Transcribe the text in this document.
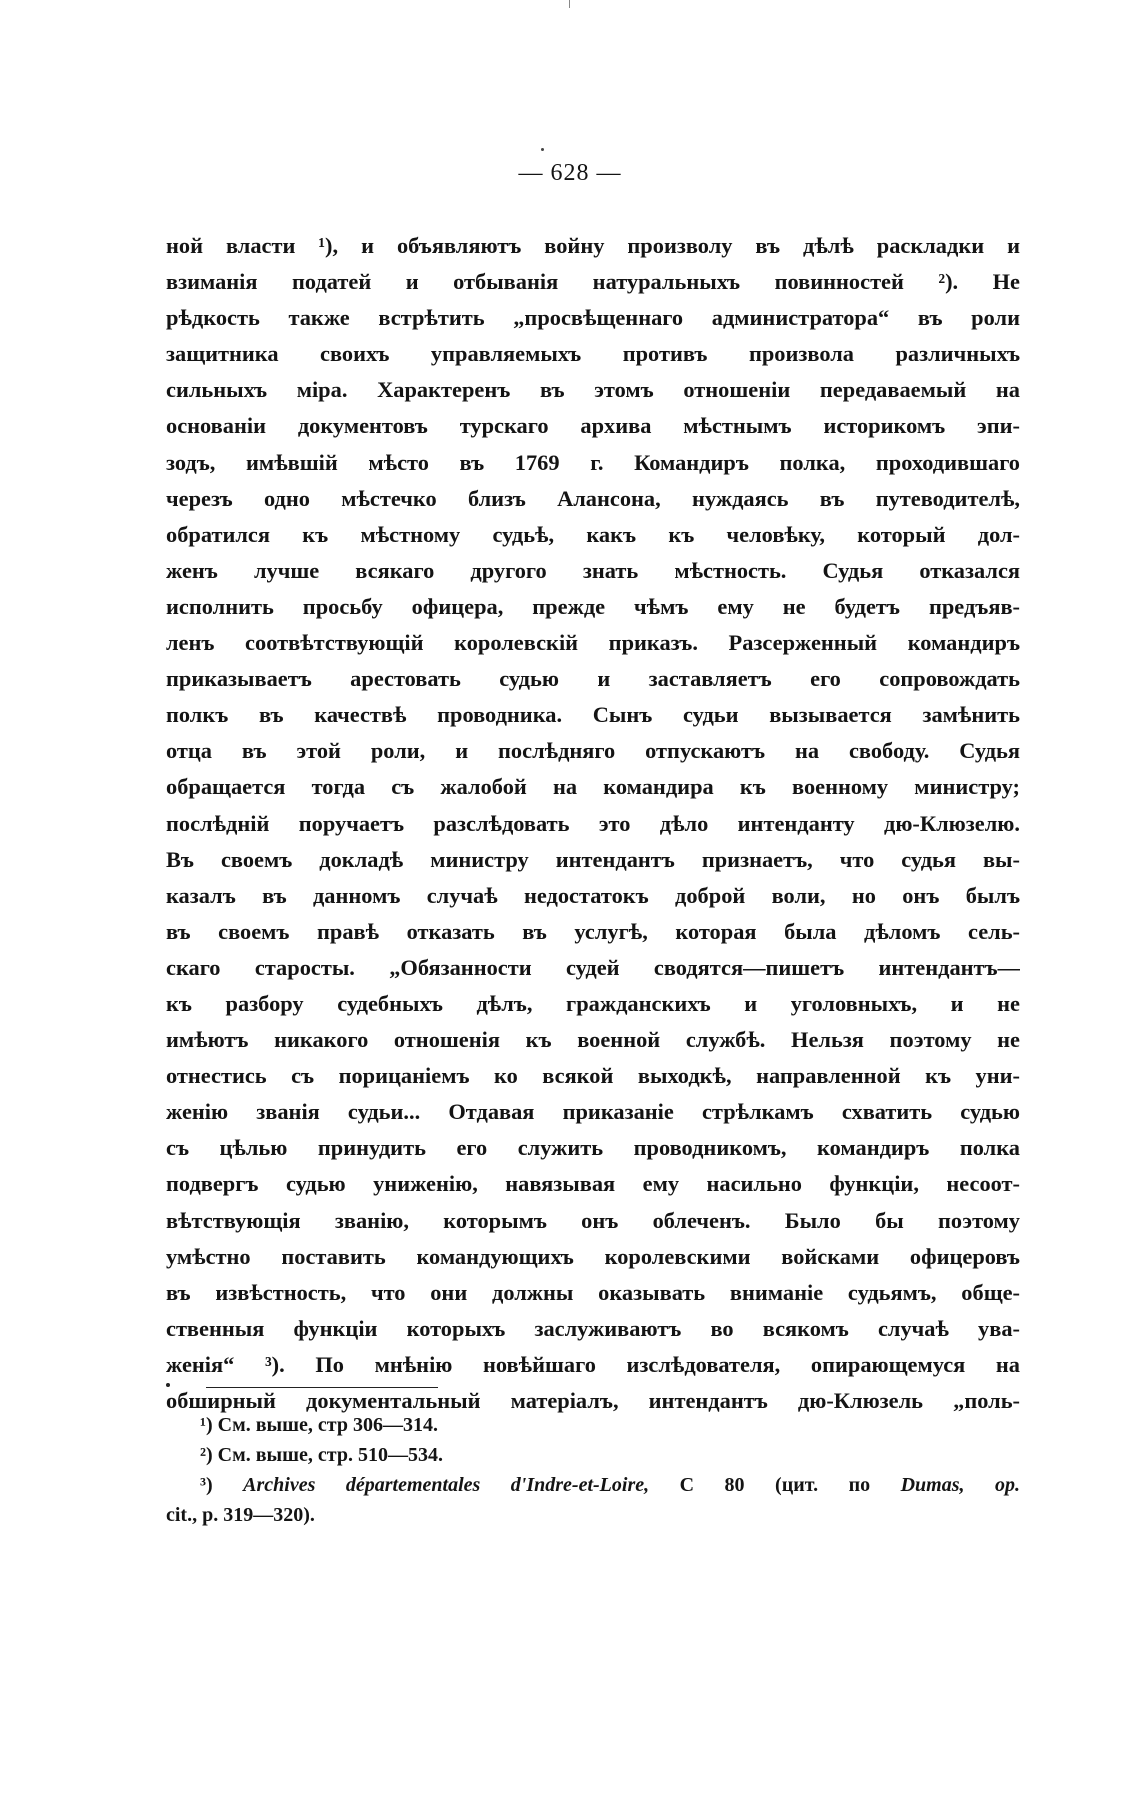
— 628 —
ной власти ¹), и объявляютъ войну произволу въ дѣлѣ раскладки и
взиманія податей и отбыванія натуральныхъ повинностей ²). Не
рѣдкость также встрѣтить „просвѣщеннаго администратора“ въ роли
защитника своихъ управляемыхъ противъ произвола различныхъ
сильныхъ міра. Характеренъ въ этомъ отношеніи передаваемый на
основаніи документовъ турскаго архива мѣстнымъ историкомъ эпи-
зодъ, имѣвшій мѣсто въ 1769 г. Командиръ полка, проходившаго
черезъ одно мѣстечко близъ Алансона, нуждаясь въ путеводителѣ,
обратился къ мѣстному судьѣ, какъ къ человѣку, который дол-
женъ лучше всякаго другого знать мѣстность. Судья отказался
исполнить просьбу офицера, прежде чѣмъ ему не будетъ предъяв-
ленъ соотвѣтствующій королевскій приказъ. Разсерженный командиръ
приказываетъ арестовать судью и заставляетъ его сопровождать
полкъ въ качествѣ проводника. Сынъ судьи вызывается замѣнить
отца въ этой роли, и послѣдняго отпускаютъ на свободу. Судья
обращается тогда съ жалобой на командира къ военному министру;
послѣдній поручаетъ разслѣдовать это дѣло интенданту дю-Клюзелю.
Въ своемъ докладѣ министру интендантъ признаетъ, что судья вы-
казалъ въ данномъ случаѣ недостатокъ доброй воли, но онъ былъ
въ своемъ правѣ отказать въ услугѣ, которая была дѣломъ сель-
скаго старосты. „Обязанности судей сводятся—пишетъ интендантъ—
къ разбору судебныхъ дѣлъ, гражданскихъ и уголовныхъ, и не
имѣютъ никакого отношенія къ военной службѣ. Нельзя поэтому не
отнестись съ порицаніемъ ко всякой выходкѣ, направленной къ уни-
женію званія судьи... Отдавая приказаніе стрѣлкамъ схватить судью
съ цѣлью принудить его служить проводникомъ, командиръ полка
подвергъ судью униженію, навязывая ему насильно функціи, несоот-
вѣтствующія званію, которымъ онъ облеченъ. Было бы поэтому
умѣстно поставить командующихъ королевскими войсками офицеровъ
въ извѣстность, что они должны оказывать вниманіе судьямъ, обще-
ственныя функціи которыхъ заслуживаютъ во всякомъ случаѣ ува-
женія“ ³). По мнѣнію новѣйшаго изслѣдователя, опирающемуся на
обширный документальный матеріалъ, интендантъ дю-Клюзель „поль-
¹) См. выше, стр 306—314.
²) См. выше, стр. 510—534.
³) Archives départementales d'Indre-et-Loire, С 80 (цит. по Dumas, op.
cit., p. 319—320).
